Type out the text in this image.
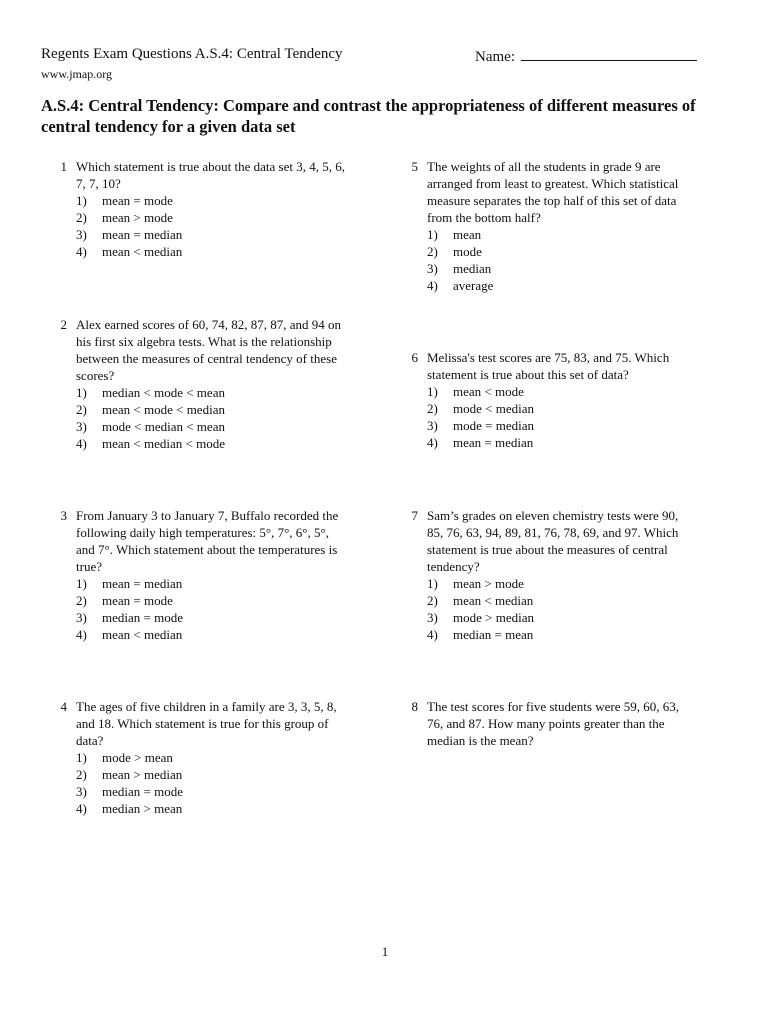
Regents Exam Questions A.S.4: Central Tendency
www.jmap.org
Name:
A.S.4: Central Tendency: Compare and contrast the appropriateness of different measures of
central tendency for a given data set
1 Which statement is true about the data set 3, 4, 5, 6,
7, 7, 10?
1) mean = mode
2) mean > mode
3) mean = median
4) mean < median
2 Alex earned scores of 60, 74, 82, 87, 87, and 94 on
his first six algebra tests. What is the relationship
between the measures of central tendency of these
scores?
1) median < mode < mean
2) mean < mode < median
3) mode < median < mean
4) mean < median < mode
3 From January 3 to January 7, Buffalo recorded the
following daily high temperatures: 5°, 7°, 6°, 5°,
and 7°. Which statement about the temperatures is
true?
1) mean = median
2) mean = mode
3) median = mode
4) mean < median
4 The ages of five children in a family are 3, 3, 5, 8,
and 18. Which statement is true for this group of
data?
1) mode > mean
2) mean > median
3) median = mode
4) median > mean
5 The weights of all the students in grade 9 are
arranged from least to greatest. Which statistical
measure separates the top half of this set of data
from the bottom half?
1) mean
2) mode
3) median
4) average
6 Melissa's test scores are 75, 83, and 75. Which
statement is true about this set of data?
1) mean < mode
2) mode < median
3) mode = median
4) mean = median
7 Sam’s grades on eleven chemistry tests were 90,
85, 76, 63, 94, 89, 81, 76, 78, 69, and 97. Which
statement is true about the measures of central
tendency?
1) mean > mode
2) mean < median
3) mode > median
4) median = mean
8 The test scores for five students were 59, 60, 63,
76, and 87. How many points greater than the
median is the mean?
1
